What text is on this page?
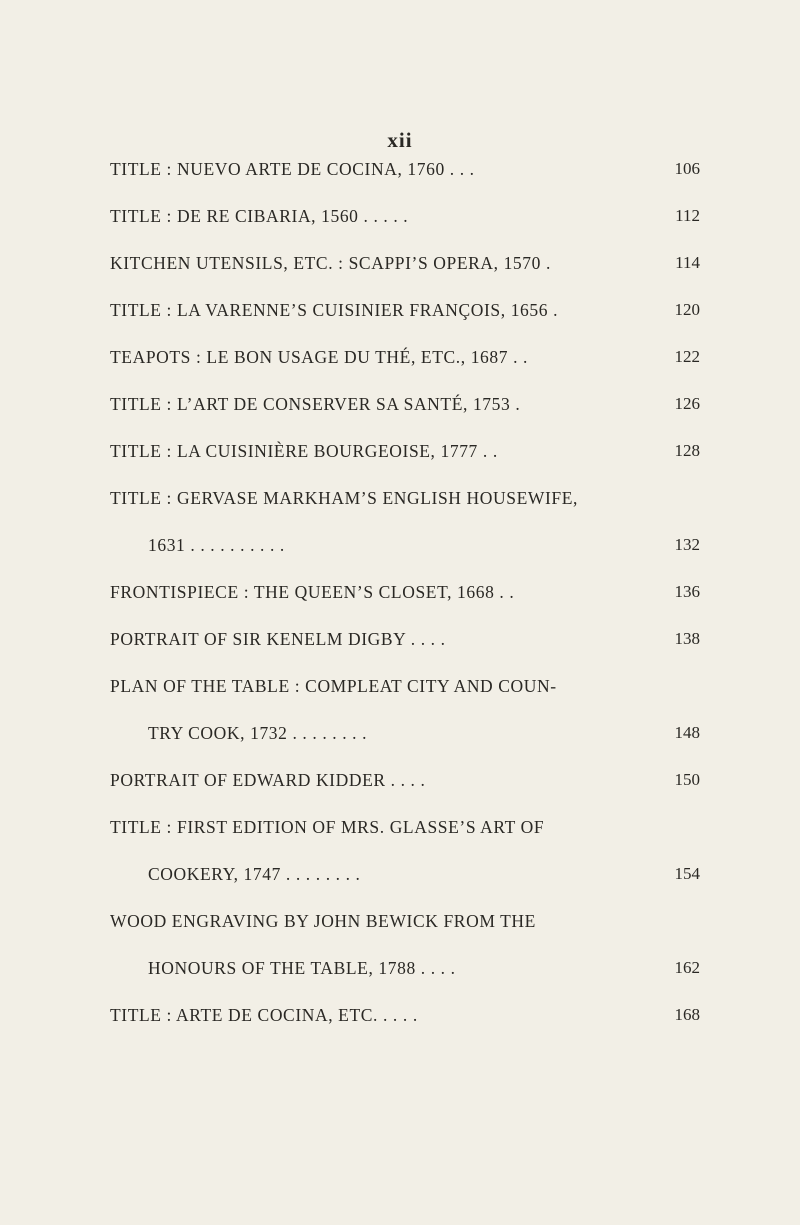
xii
TITLE : NUEVO ARTE DE COCINA, 1760 . . .	106
TITLE : DE RE CIBARIA, 1560 . . . . .	112
KITCHEN UTENSILS, ETC. : SCAPPI’S OPERA, 1570 .	114
TITLE : LA VARENNE’S CUISINIER FRANÇOIS, 1656 .	120
TEAPOTS : LE BON USAGE DU THÉ, ETC., 1687 . .	122
TITLE : L’ART DE CONSERVER SA SANTÉ, 1753 .	126
TITLE : LA CUISINIÈRE BOURGEOISE, 1777 . .	128
TITLE : GERVASE MARKHAM’S ENGLISH HOUSEWIFE,
1631 . . . . . . . . . .	132
FRONTISPIECE : THE QUEEN’S CLOSET, 1668 . .	136
PORTRAIT OF SIR KENELM DIGBY . . . .	138
PLAN OF THE TABLE : COMPLEAT CITY AND COUN-
TRY COOK, 1732 . . . . . . . .	148
PORTRAIT OF EDWARD KIDDER . . . .	150
TITLE : FIRST EDITION OF MRS. GLASSE’S ART OF
COOKERY, 1747 . . . . . . . .	154
WOOD ENGRAVING BY JOHN BEWICK FROM THE
HONOURS OF THE TABLE, 1788 . . . .	162
TITLE : ARTE DE COCINA, ETC. . . . .	168
